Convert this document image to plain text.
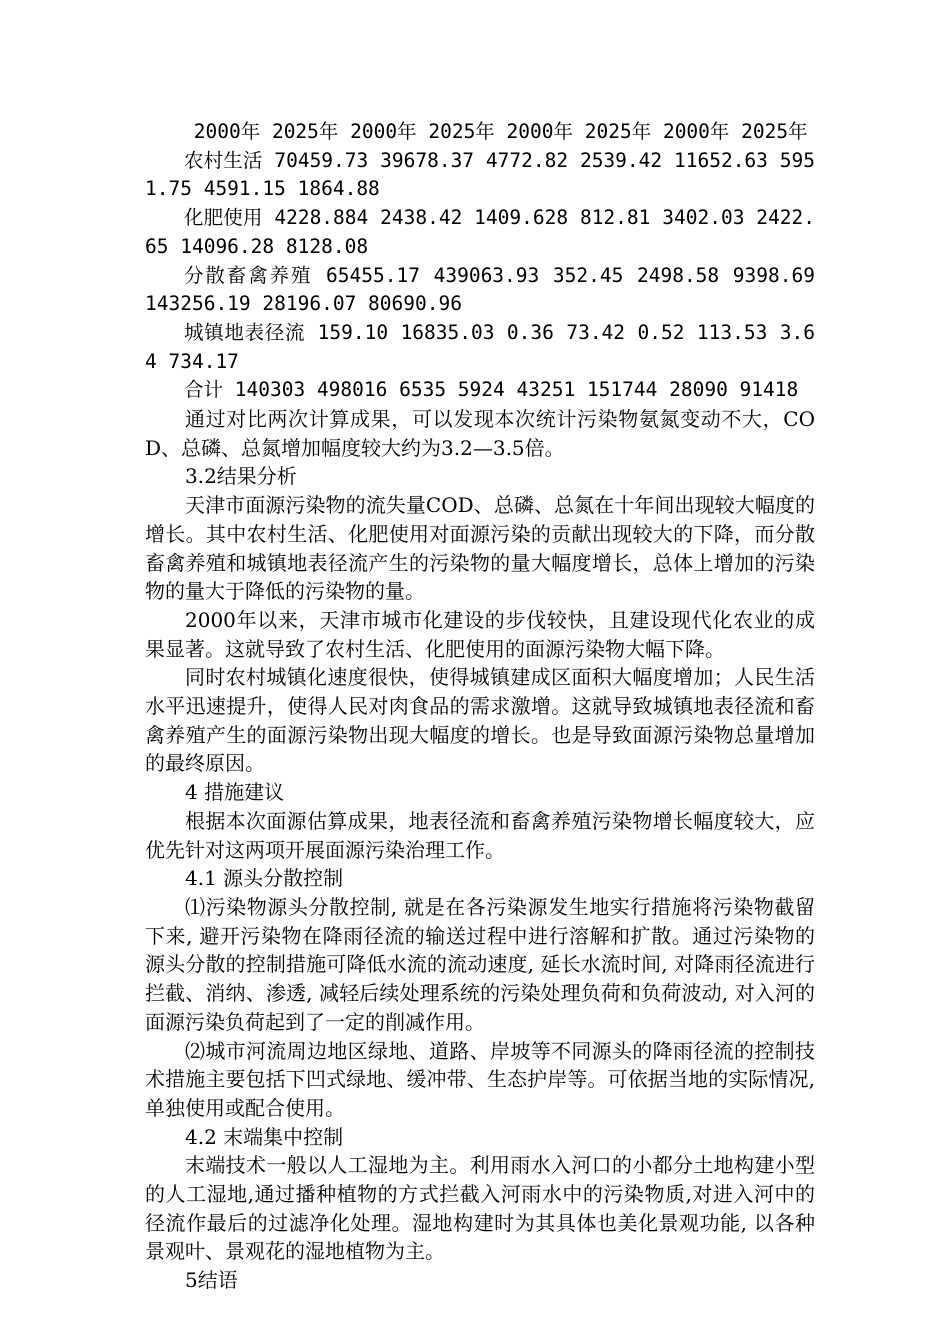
2000年 2025年 2000年 2025年 2000年 2025年 2000年 2025年

农村生活 70459.73 39678.37 4772.82 2539.42 11652.63 5951.75 4591.15 1864.88

化肥使用 4228.884 2438.42 1409.628 812.81 3402.03 2422.65 14096.28 8128.08

分散畜禽养殖 65455.17 439063.93 352.45 2498.58 9398.69 143256.19 28196.07 80690.96

城镇地表径流 159.10 16835.03 0.36 73.42 0.52 113.53 3.64 734.17

合计 140303 498016 6535 5924 43251 151744 28090 91418

通过对比两次计算成果，可以发现本次统计污染物氨氮变动不大，COD、总磷、总氮增加幅度较大约为3.2—3.5倍。

3.2结果分析

天津市面源污染物的流失量COD、总磷、总氮在十年间出现较大幅度的增长。其中农村生活、化肥使用对面源污染的贡献出现较大的下降，而分散畜禽养殖和城镇地表径流产生的污染物的量大幅度增长，总体上增加的污染物的量大于降低的污染物的量。

2000年以来，天津市城市化建设的步伐较快，且建设现代化农业的成果显著。这就导致了农村生活、化肥使用的面源污染物大幅下降。

同时农村城镇化速度很快，使得城镇建成区面积大幅度增加；人民生活水平迅速提升，使得人民对肉食品的需求激增。这就导致城镇地表径流和畜禽养殖产生的面源污染物出现大幅度的增长。也是导致面源污染物总量增加的最终原因。

4 措施建议

根据本次面源估算成果，地表径流和畜禽养殖污染物增长幅度较大，应优先针对这两项开展面源污染治理工作。

4.1 源头分散控制

⑴污染物源头分散控制, 就是在各污染源发生地实行措施将污染物截留下来, 避开污染物在降雨径流的输送过程中进行溶解和扩散。通过污染物的源头分散的控制措施可降低水流的流动速度, 延长水流时间, 对降雨径流进行拦截、消纳、渗透, 减轻后续处理系统的污染处理负荷和负荷波动, 对入河的面源污染负荷起到了一定的削减作用。

⑵城市河流周边地区绿地、道路、岸坡等不同源头的降雨径流的控制技术措施主要包括下凹式绿地、缓冲带、生态护岸等。可依据当地的实际情况, 单独使用或配合使用。

4.2 末端集中控制

末端技术一般以人工湿地为主。利用雨水入河口的小都分土地构建小型的人工湿地,通过播种植物的方式拦截入河雨水中的污染物质,对进入河中的径流作最后的过滤净化处理。湿地构建时为其具体也美化景观功能, 以各种景观叶、景观花的湿地植物为主。

5结语
